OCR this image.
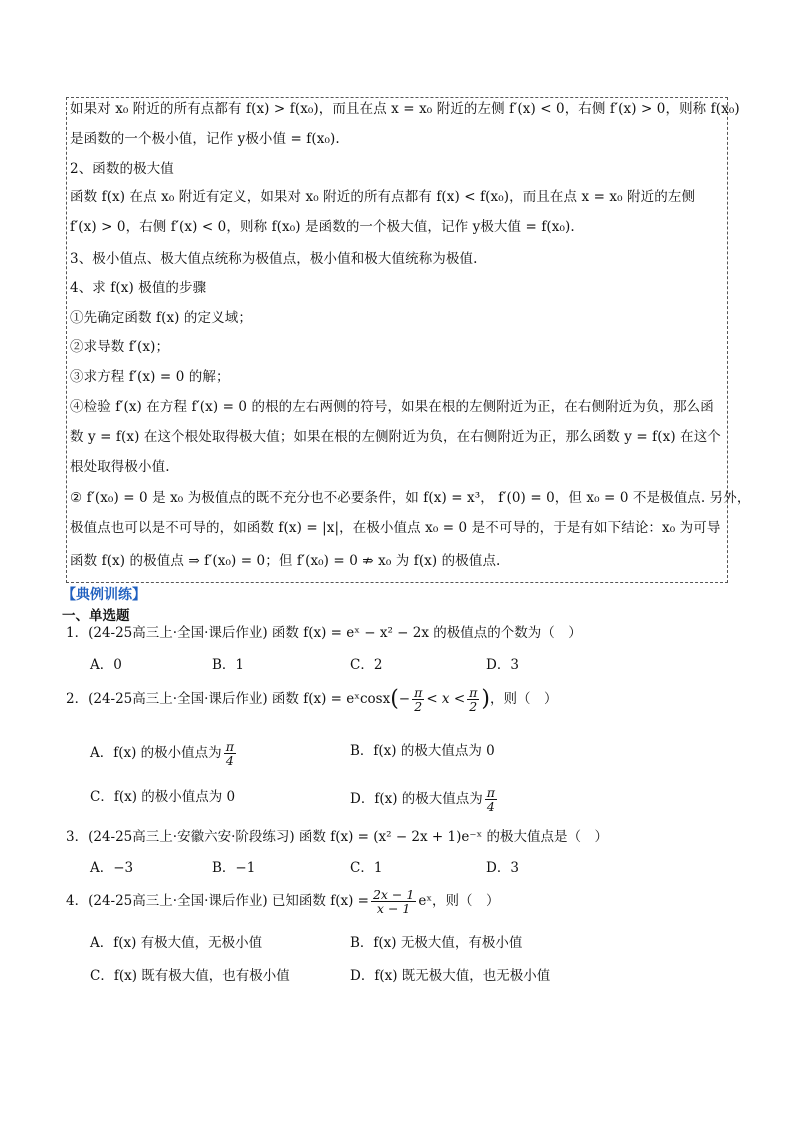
如果对 x₀ 附近的所有点都有 f(x) > f(x₀)，而且在点 x = x₀ 附近的左侧 f′(x) < 0，右侧 f′(x) > 0，则称 f(x₀)
是函数的一个极小值，记作 y极小值 = f(x₀).
2、函数的极大值
函数 f(x) 在点 x₀ 附近有定义，如果对 x₀ 附近的所有点都有 f(x) < f(x₀)，而且在点 x = x₀ 附近的左侧
f′(x) > 0，右侧 f′(x) < 0，则称 f(x₀) 是函数的一个极大值，记作 y极大值 = f(x₀).
3、极小值点、极大值点统称为极值点，极小值和极大值统称为极值.
4、求 f(x) 极值的步骤
①先确定函数 f(x) 的定义域；
②求导数 f′(x)；
③求方程 f′(x) = 0 的解；
④检验 f′(x) 在方程 f′(x) = 0 的根的左右两侧的符号，如果在根的左侧附近为正，在右侧附近为负，那么函
数 y = f(x) 在这个根处取得极大值；如果在根的左侧附近为负，在右侧附近为正，那么函数 y = f(x) 在这个
根处取得极小值.
② f′(x₀) = 0 是 x₀ 为极值点的既不充分也不必要条件，如 f(x) = x³， f′(0) = 0，但 x₀ = 0 不是极值点. 另外，
极值点也可以是不可导的，如函数 f(x) = |x|，在极小值点 x₀ = 0 是不可导的，于是有如下结论：x₀ 为可导
函数 f(x) 的极值点 ⇒ f′(x₀) = 0；但 f′(x₀) = 0 ⇏ x₀ 为 f(x) 的极值点.
【典例训练】
一、单选题
1．(24-25高三上·全国·课后作业) 函数 f(x) = eˣ − x² − 2x 的极值点的个数为（　）
A．0	B．1	C．2	D．3
2．(24-25高三上·全国·课后作业) 函数 f(x) = eˣcosx(− $\frac{\pi}{2} < x < \frac{\pi}{2}$ )，则（　）
A．f(x) 的极小值点为 $\frac{\pi}{4}$	B．f(x) 的极大值点为 0
C．f(x) 的极小值点为 0	D．f(x) 的极大值点为 $\frac{\pi}{4}$
3．(24-25高三上·安徽六安·阶段练习) 函数 f(x) = (x² − 2x + 1)e⁻ˣ 的极大值点是（　）
A．−3	B．−1	C．1	D．3
4．(24-25高三上·全国·课后作业) 已知函数 $f(x) = \frac{2x - 1}{x - 1}$ eˣ，则（　）
A．f(x) 有极大值，无极小值	B．f(x) 无极大值，有极小值
C．f(x) 既有极大值，也有极小值	D．f(x) 既无极大值，也无极小值
